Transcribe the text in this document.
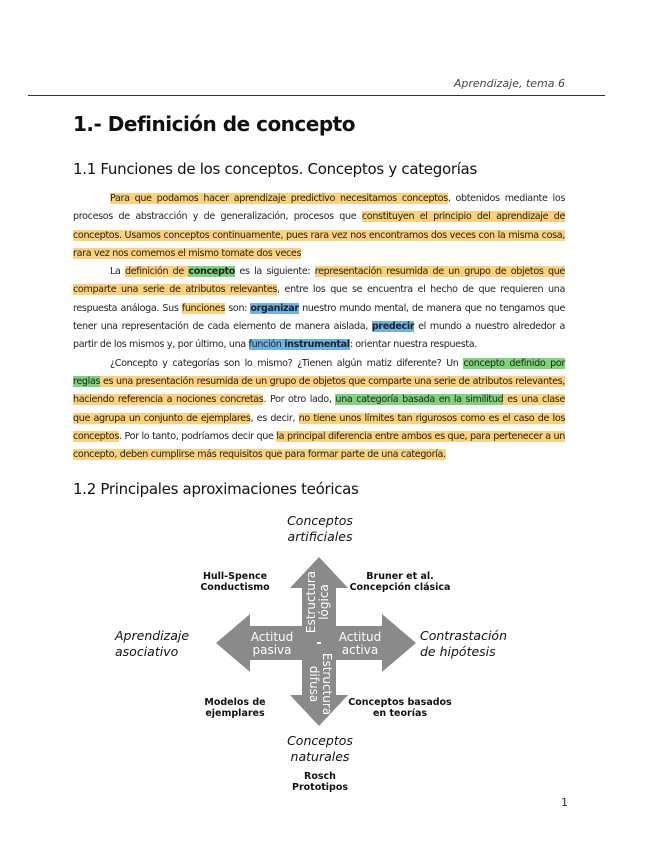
Aprendizaje, tema 6
1.- Definición de concepto
1.1 Funciones de los conceptos. Conceptos y categorías

Para que podamos hacer aprendizaje predictivo necesitamos conceptos, obtenidos mediante los procesos de abstracción y de generalización, procesos que constituyen el principio del aprendizaje de conceptos. Usamos conceptos continuamente, pues rara vez nos encontramos dos veces con la misma cosa, rara vez nos comemos el mismo tomate dos veces

La definición de concepto es la siguiente: representación resumida de un grupo de objetos que comparte una serie de atributos relevantes, entre los que se encuentra el hecho de que requieren una respuesta análoga. Sus funciones son: organizar nuestro mundo mental, de manera que no tengamos que tener una representación de cada elemento de manera aislada, predecir el mundo a nuestro alrededor a partir de los mismos y, por último, una función instrumental: orientar nuestra respuesta.

¿Concepto y categorías son lo mismo? ¿Tienen algún matiz diferente? Un concepto definido por reglas es una presentación resumida de un grupo de objetos que comparte una serie de atributos relevantes, haciendo referencia a nociones concretas. Por otro lado, una categoría basada en la similitud es una clase que agrupa un conjunto de ejemplares, es decir, no tiene unos límites tan rigurosos como es el caso de los conceptos. Por lo tanto, podríamos decir que la principal diferencia entre ambos es que, para pertenecer a un concepto, deben cumplirse más requisitos que para formar parte de una categoría.

1.2 Principales aproximaciones teóricas
Estructuralógica
Estructuradifusa
Actitud pasiva
Actitud activa
Conceptos
artificiales
Conceptos
naturales
Aprendizaje
asociativo
Contrastación
de hipótesis
Hull-Spence
Conductismo
Bruner et al.
Concepción clásica
Modelos de
ejemplares
Conceptos basados
en teorías
Rosch
Prototipos
1
